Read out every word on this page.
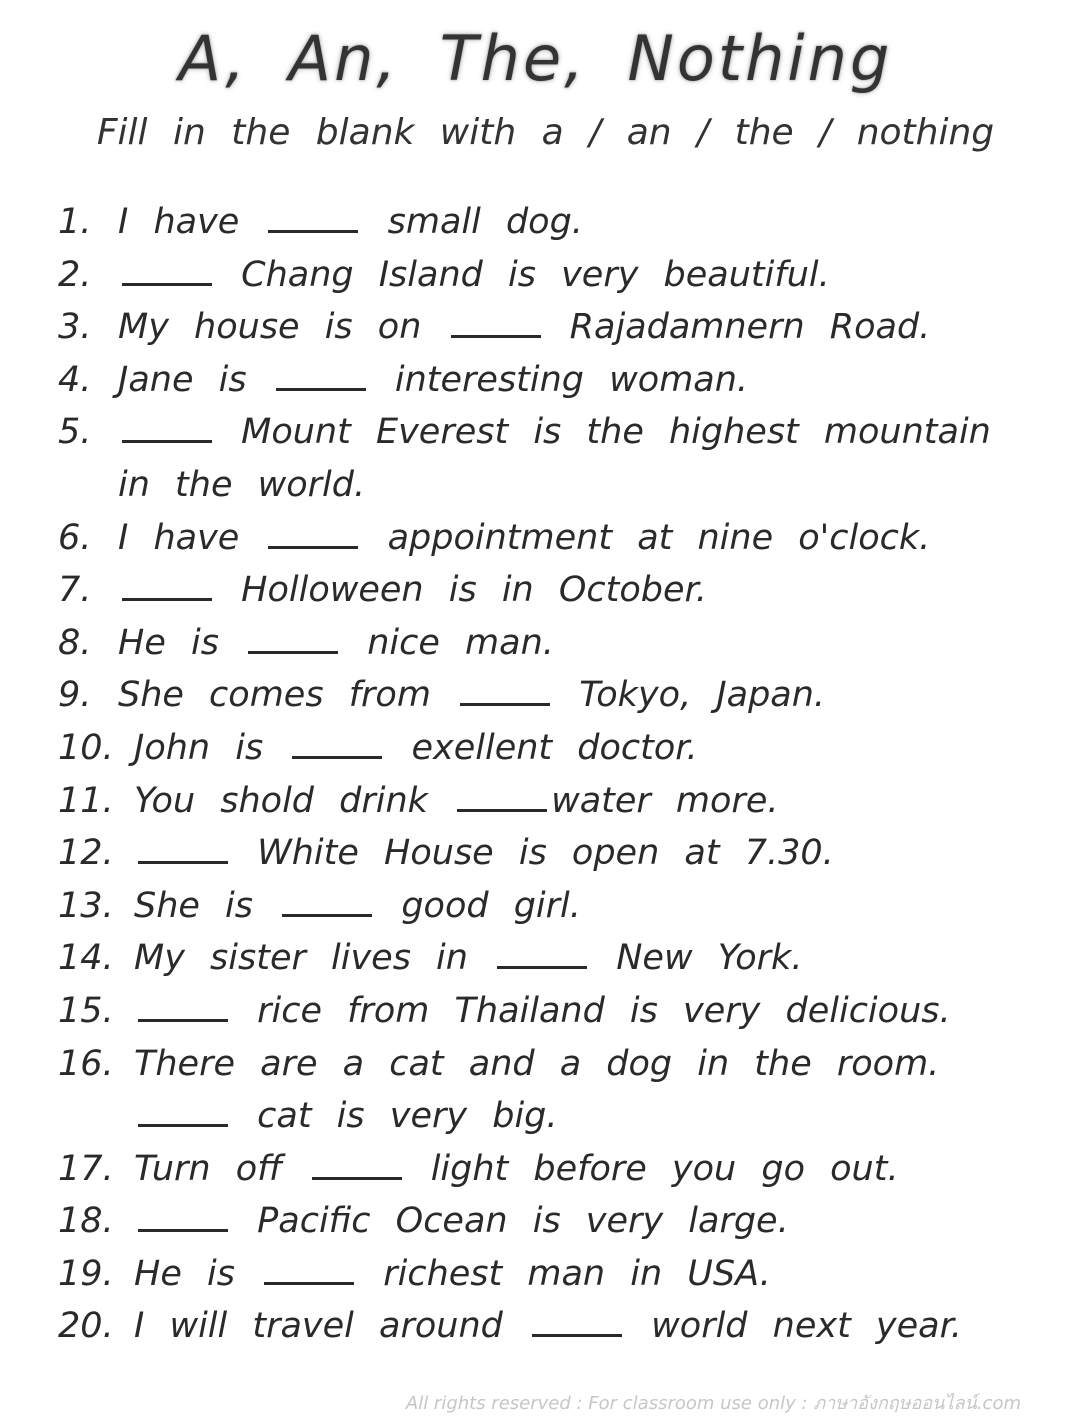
A, An, The, Nothing
Fill in the blank with a / an / the / nothing
1. I have	small dog.
2.	Chang Island is very beautiful.
3. My house is on	Rajadamnern Road.
4. Jane is	interesting woman.
5.	Mount Everest is the highest mountain in the world.
6. I have	appointment at nine o'clock.
7.	Holloween is in October.
8. He is	nice man.
9. She comes from	Tokyo, Japan.
10. John is	exellent doctor.
11. You shold drink	water more.
12.	White House is open at 7.30.
13. She is	good girl.
14. My sister lives in	New York.
15.	rice from Thailand is very delicious.
16. There are a cat and a dog in the room.
cat is very big.
17. Turn off	light before you go out.
18.	Pacific Ocean is very large.
19. He is	richest man in USA.
20. I will travel around	world next year.
All rights reserved : For classroom use only : ภาษาอังกฤษออนไลน์.com
